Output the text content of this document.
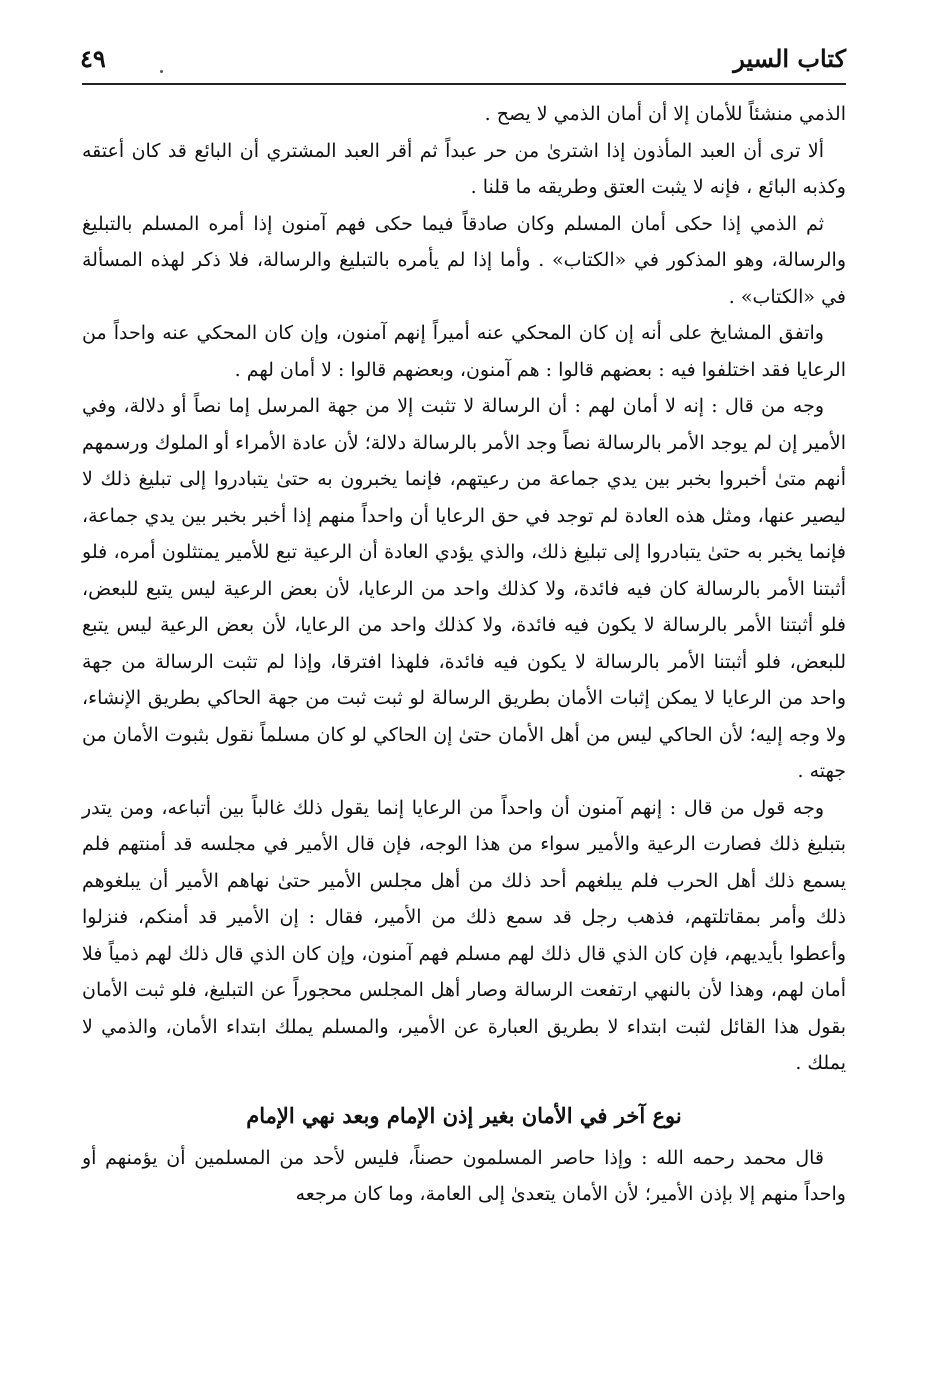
٤٩	كتاب السير

الذمي منشئاً للأمان إلا أن أمان الذمي لا يصح .

ألا ترى أن العبد المأذون إذا اشترىٰ من حر عبداً ثم أقر العبد المشتري أن البائع قد كان أعتقه وكذبه البائع ، فإنه لا يثبت العتق وطريقه ما قلنا .

ثم الذمي إذا حكى أمان المسلم وكان صادقاً فيما حكى فهم آمنون إذا أمره المسلم بالتبليغ والرسالة، وهو المذكور في «الكتاب» . وأما إذا لم يأمره بالتبليغ والرسالة، فلا ذكر لهذه المسألة في «الكتاب» .

واتفق المشايخ على أنه إن كان المحكي عنه أميراً إنهم آمنون، وإن كان المحكي عنه واحداً من الرعايا فقد اختلفوا فيه : بعضهم قالوا : هم آمنون، وبعضهم قالوا : لا أمان لهم .

وجه من قال : إنه لا أمان لهم : أن الرسالة لا تثبت إلا من جهة المرسل إما نصاً أو دلالة، وفي الأمير إن لم يوجد الأمر بالرسالة نصاً وجد الأمر بالرسالة دلالة؛ لأن عادة الأمراء أو الملوك ورسمهم أنهم متىٰ أخبروا بخبر بين يدي جماعة من رعيتهم، فإنما يخبرون به حتىٰ يتبادروا إلى تبليغ ذلك لا ليصير عنها، ومثل هذه العادة لم توجد في حق الرعايا أن واحداً منهم إذا أخبر بخبر بين يدي جماعة، فإنما يخبر به حتىٰ يتبادروا إلى تبليغ ذلك، والذي يؤدي العادة أن الرعية تبع للأمير يمتثلون أمره، فلو أثبتنا الأمر بالرسالة كان فيه فائدة، ولا كذلك واحد من الرعايا، لأن بعض الرعية ليس يتبع للبعض، فلو أثبتنا الأمر بالرسالة لا يكون فيه فائدة، ولا كذلك واحد من الرعايا، لأن بعض الرعية ليس يتبع للبعض، فلو أثبتنا الأمر بالرسالة لا يكون فيه فائدة، فلهذا افترقا، وإذا لم تثبت الرسالة من جهة واحد من الرعايا لا يمكن إثبات الأمان بطريق الرسالة لو ثبت ثبت من جهة الحاكي بطريق الإنشاء، ولا وجه إليه؛ لأن الحاكي ليس من أهل الأمان حتىٰ إن الحاكي لو كان مسلماً نقول بثبوت الأمان من جهته .

وجه قول من قال : إنهم آمنون أن واحداً من الرعايا إنما يقول ذلك غالباً بين أتباعه، ومن يتدر بتبليغ ذلك فصارت الرعية والأمير سواء من هذا الوجه، فإن قال الأمير في مجلسه قد أمنتهم فلم يسمع ذلك أهل الحرب فلم يبلغهم أحد ذلك من أهل مجلس الأمير حتىٰ نهاهم الأمير أن يبلغوهم ذلك وأمر بمقاتلتهم، فذهب رجل قد سمع ذلك من الأمير، فقال : إن الأمير قد أمنكم، فنزلوا وأعطوا بأيديهم، فإن كان الذي قال ذلك لهم مسلم فهم آمنون، وإن كان الذي قال ذلك لهم ذمياً فلا أمان لهم، وهذا لأن بالنهي ارتفعت الرسالة وصار أهل المجلس محجوراً عن التبليغ، فلو ثبت الأمان بقول هذا القائل لثبت ابتداء لا بطريق العبارة عن الأمير، والمسلم يملك ابتداء الأمان، والذمي لا يملك .

نوع آخر في الأمان بغير إذن الإمام وبعد نهي الإمام

قال محمد رحمه الله : وإذا حاصر المسلمون حصناً، فليس لأحد من المسلمين أن يؤمنهم أو واحداً منهم إلا بإذن الأمير؛ لأن الأمان يتعدىٰ إلى العامة، وما كان مرجعه
